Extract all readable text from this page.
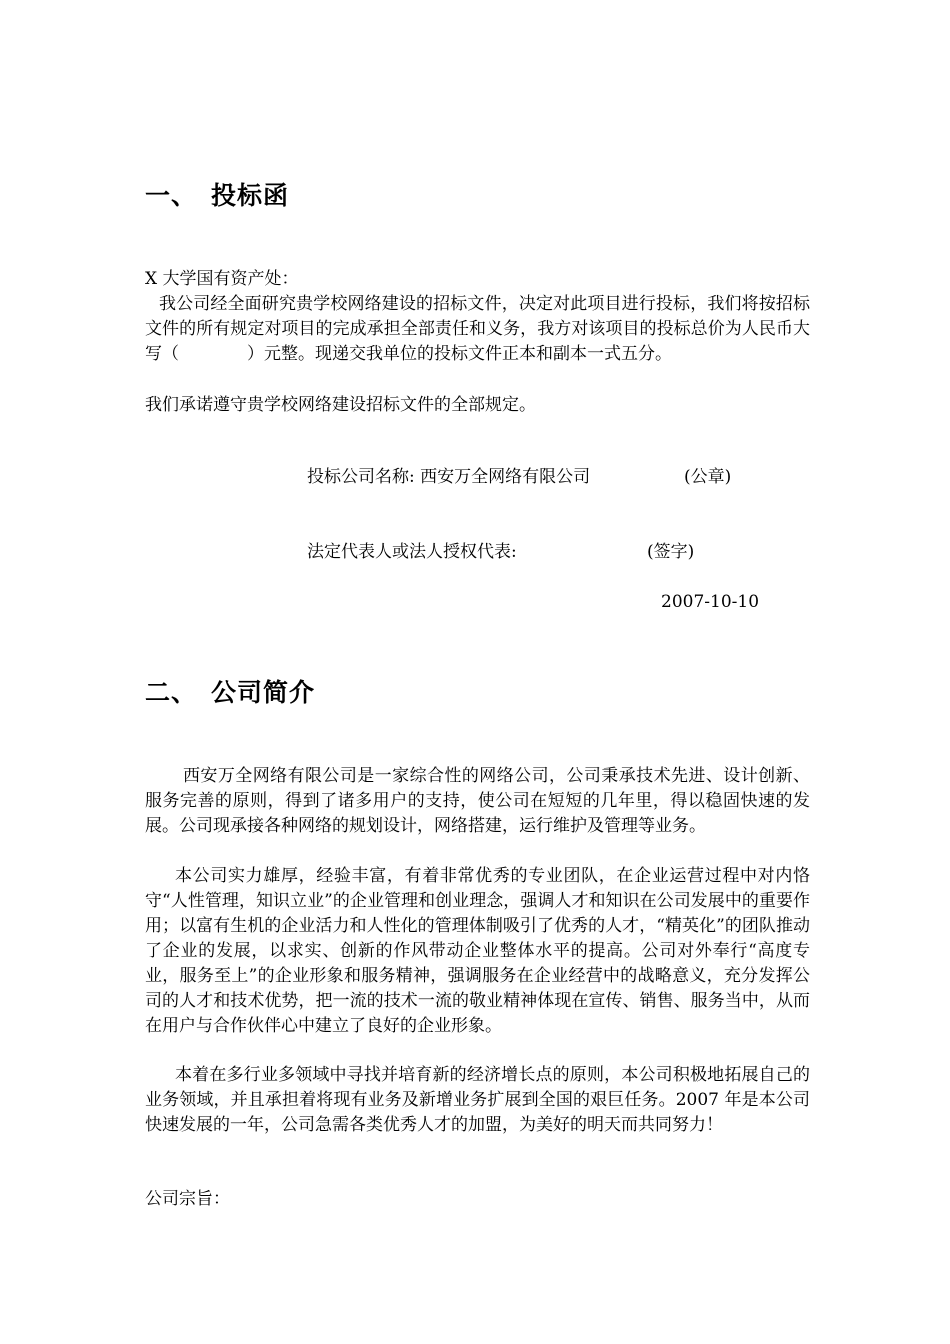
一、 投标函
X 大学国有资产处：
我公司经全面研究贵学校网络建设的招标文件，决定对此项目进行投标，我们将按招标文件的所有规定对项目的完成承担全部责任和义务，我方对该项目的投标总价为人民币大写（　　　　）元整。现递交我单位的投标文件正本和副本一式五分。
我们承诺遵守贵学校网络建设招标文件的全部规定。
投标公司名称: 西安万全网络有限公司	(公章)
法定代表人或法人授权代表:	(签字)
2007-10-10
二、 公司简介
西安万全网络有限公司是一家综合性的网络公司，公司秉承技术先进、设计创新、服务完善的原则，得到了诸多用户的支持，使公司在短短的几年里，得以稳固快速的发展。公司现承接各种网络的规划设计，网络搭建，运行维护及管理等业务。
本公司实力雄厚，经验丰富，有着非常优秀的专业团队，在企业运营过程中对内恪守“人性管理，知识立业”的企业管理和创业理念，强调人才和知识在公司发展中的重要作用；以富有生机的企业活力和人性化的管理体制吸引了优秀的人才，“精英化”的团队推动了企业的发展，以求实、创新的作风带动企业整体水平的提高。公司对外奉行“高度专业，服务至上”的企业形象和服务精神，强调服务在企业经营中的战略意义，充分发挥公司的人才和技术优势，把一流的技术一流的敬业精神体现在宣传、销售、服务当中，从而在用户与合作伙伴心中建立了良好的企业形象。
本着在多行业多领域中寻找并培育新的经济增长点的原则，本公司积极地拓展自己的业务领域，并且承担着将现有业务及新增业务扩展到全国的艰巨任务。2007 年是本公司快速发展的一年，公司急需各类优秀人才的加盟，为美好的明天而共同努力！
公司宗旨：
